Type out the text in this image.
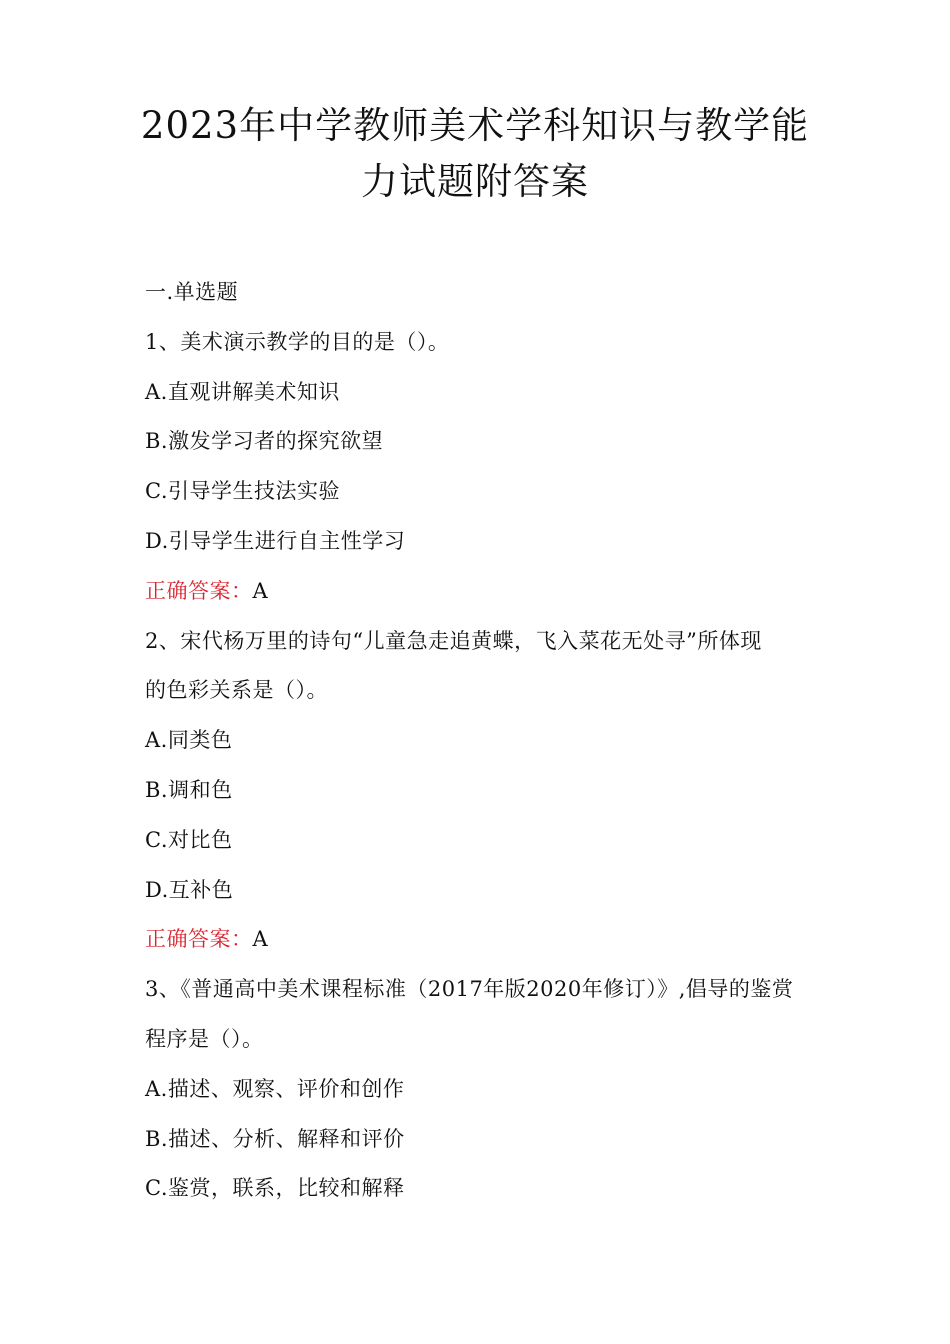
2023年中学教师美术学科知识与教学能
力试题附答案
一.单选题
1、美术演示教学的目的是（）。
A.直观讲解美术知识
B.激发学习者的探究欲望
C.引导学生技法实验
D.引导学生进行自主性学习
正确答案：A
2、宋代杨万里的诗句“儿童急走追黄蝶，飞入菜花无处寻”所体现
的色彩关系是（）。
A.同类色
B.调和色
C.对比色
D.互补色
正确答案：A
3、《普通高中美术课程标准（2017年版2020年修订）》,倡导的鉴赏
程序是（）。
A.描述、观察、评价和创作
B.描述、分析、解释和评价
C.鉴赏，联系，比较和解释
